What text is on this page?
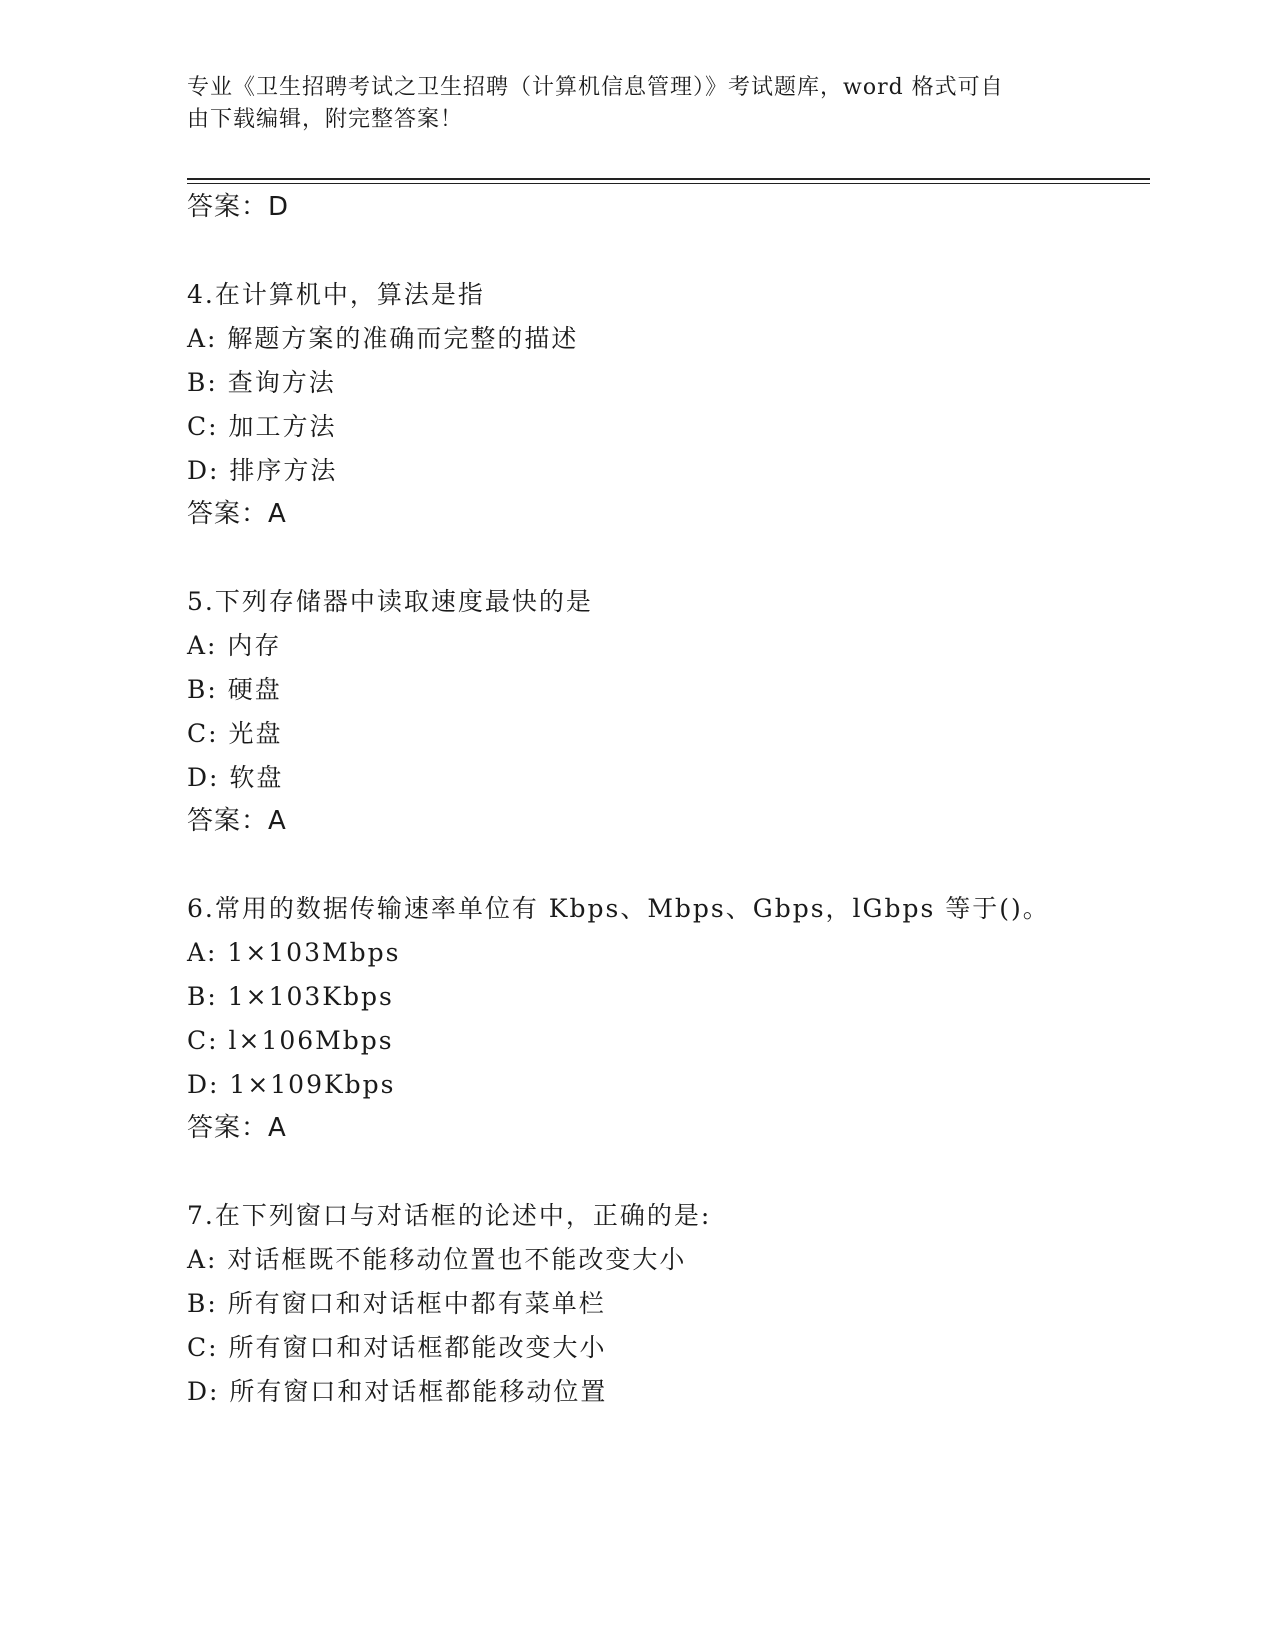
专业《卫生招聘考试之卫生招聘（计算机信息管理）》考试题库，word 格式可自
由下载编辑，附完整答案！
答案：D
4.在计算机中，算法是指
A: 解题方案的准确而完整的描述
B: 查询方法
C: 加工方法
D: 排序方法
答案：A
5.下列存储器中读取速度最快的是
A: 内存
B: 硬盘
C: 光盘
D: 软盘
答案：A
6.常用的数据传输速率单位有 Kbps、Mbps、Gbps，lGbps 等于()。
A: 1×103Mbps
B: 1×103Kbps
C: l×106Mbps
D: 1×109Kbps
答案：A
7.在下列窗口与对话框的论述中，正确的是:
A: 对话框既不能移动位置也不能改变大小
B: 所有窗口和对话框中都有菜单栏
C: 所有窗口和对话框都能改变大小
D: 所有窗口和对话框都能移动位置
